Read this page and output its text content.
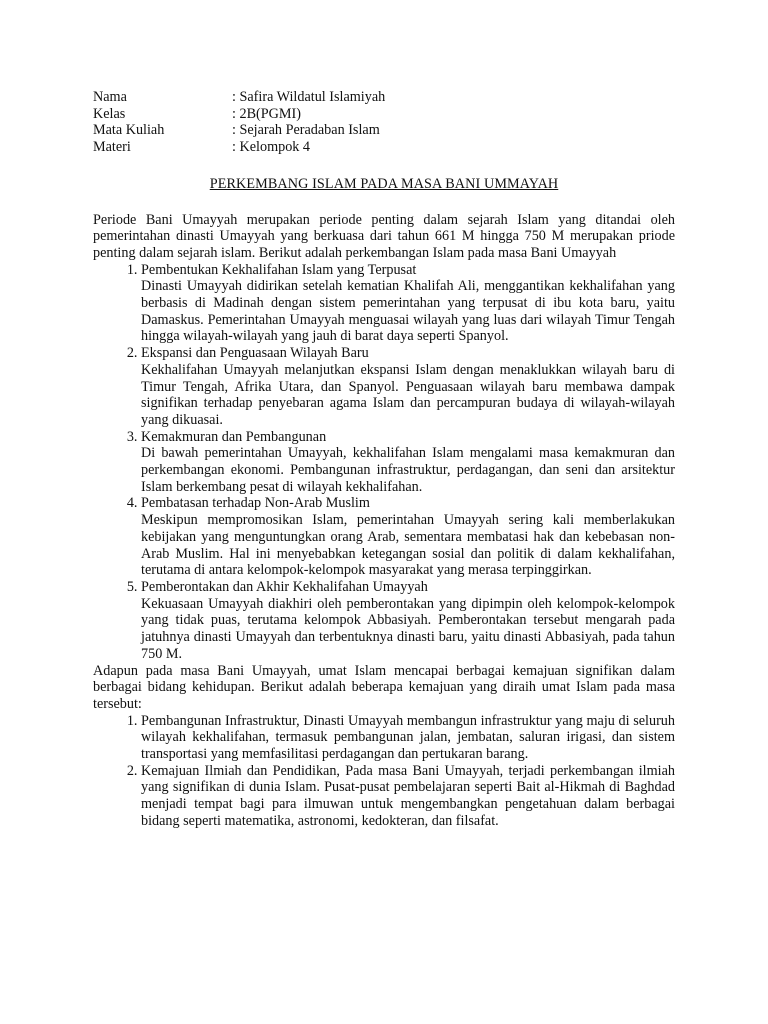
Nama	: Safira Wildatul Islamiyah
Kelas	: 2B(PGMI)
Mata Kuliah	: Sejarah Peradaban Islam
Materi	: Kelompok 4
PERKEMBANG ISLAM PADA MASA BANI UMMAYAH

Periode Bani Umayyah merupakan periode penting dalam sejarah Islam yang ditandai oleh pemerintahan dinasti Umayyah yang berkuasa dari tahun 661 M hingga 750 M merupakan priode penting dalam sejarah islam. Berikut adalah perkembangan Islam pada masa Bani Umayyah

1. Pembentukan Kekhalifahan Islam yang Terpusat

Dinasti Umayyah didirikan setelah kematian Khalifah Ali, menggantikan kekhalifahan yang berbasis di Madinah dengan sistem pemerintahan yang terpusat di ibu kota baru, yaitu Damaskus. Pemerintahan Umayyah menguasai wilayah yang luas dari wilayah Timur Tengah hingga wilayah-wilayah yang jauh di barat daya seperti Spanyol.

2. Ekspansi dan Penguasaan Wilayah Baru

Kekhalifahan Umayyah melanjutkan ekspansi Islam dengan menaklukkan wilayah baru di Timur Tengah, Afrika Utara, dan Spanyol. Penguasaan wilayah baru membawa dampak signifikan terhadap penyebaran agama Islam dan percampuran budaya di wilayah-wilayah yang dikuasai.

3. Kemakmuran dan Pembangunan

Di bawah pemerintahan Umayyah, kekhalifahan Islam mengalami masa kemakmuran dan perkembangan ekonomi. Pembangunan infrastruktur, perdagangan, dan seni dan arsitektur Islam berkembang pesat di wilayah kekhalifahan.

4. Pembatasan terhadap Non-Arab Muslim

Meskipun mempromosikan Islam, pemerintahan Umayyah sering kali memberlakukan kebijakan yang menguntungkan orang Arab, sementara membatasi hak dan kebebasan non-Arab Muslim. Hal ini menyebabkan ketegangan sosial dan politik di dalam kekhalifahan, terutama di antara kelompok-kelompok masyarakat yang merasa terpinggirkan.

5. Pemberontakan dan Akhir Kekhalifahan Umayyah

Kekuasaan Umayyah diakhiri oleh pemberontakan yang dipimpin oleh kelompok-kelompok yang tidak puas, terutama kelompok Abbasiyah. Pemberontakan tersebut mengarah pada jatuhnya dinasti Umayyah dan terbentuknya dinasti baru, yaitu dinasti Abbasiyah, pada tahun 750 M.

Adapun pada masa Bani Umayyah, umat Islam mencapai berbagai kemajuan signifikan dalam berbagai bidang kehidupan. Berikut adalah beberapa kemajuan yang diraih umat Islam pada masa tersebut:

1. Pembangunan Infrastruktur, Dinasti Umayyah membangun infrastruktur yang maju di seluruh wilayah kekhalifahan, termasuk pembangunan jalan, jembatan, saluran irigasi, dan sistem transportasi yang memfasilitasi perdagangan dan pertukaran barang.

2. Kemajuan Ilmiah dan Pendidikan, Pada masa Bani Umayyah, terjadi perkembangan ilmiah yang signifikan di dunia Islam. Pusat-pusat pembelajaran seperti Bait al-Hikmah di Baghdad menjadi tempat bagi para ilmuwan untuk mengembangkan pengetahuan dalam berbagai bidang seperti matematika, astronomi, kedokteran, dan filsafat.
